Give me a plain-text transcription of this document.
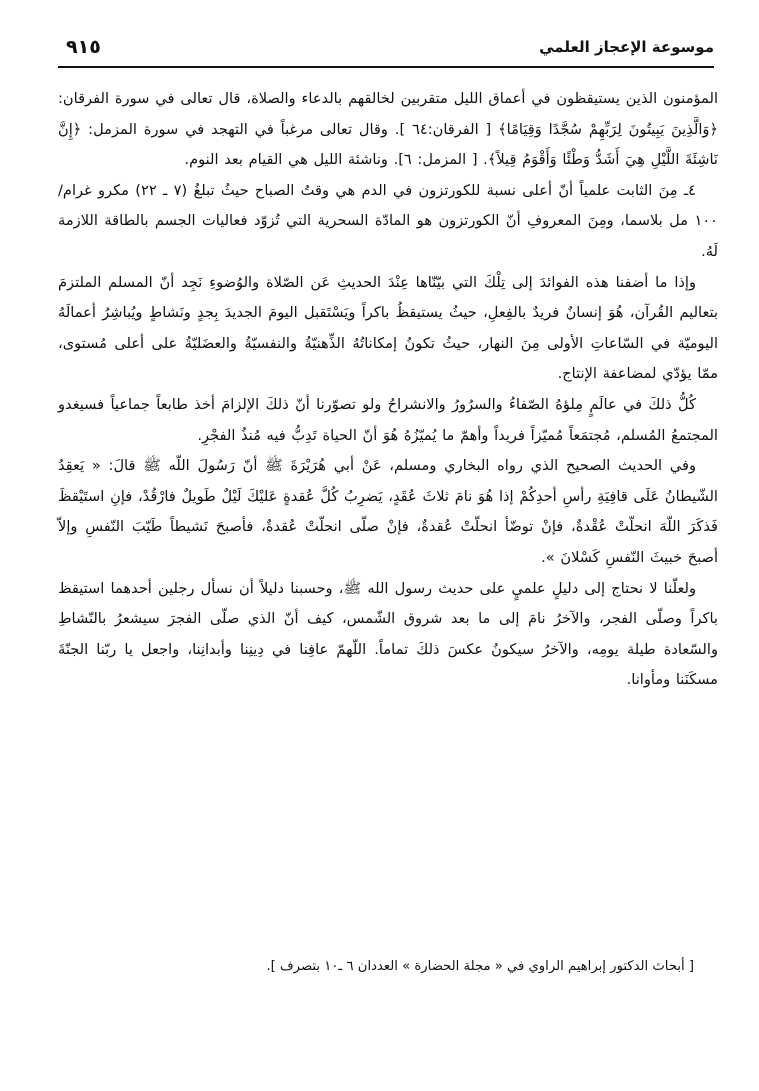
موسوعة الإعجاز العلمي
٩١٥

المؤمنون الذين يستيقظون في أعماق الليل متقربين لخالقهم بالدعاء والصلاة، قال تعالى في سورة الفرقان: ﴿وَالَّذِينَ يَبِيتُونَ لِرَبِّهِمْ سُجَّدًا وَقِيَامًا﴾ [ الفرقان:٦٤ ]. وقال تعالى مرغباً في التهجد في سورة المزمل: ﴿إِنَّ نَاشِئَةَ اللَّيْلِ هِيَ أَشَدُّ وَطْئًا وَأَقْوَمُ قِيلاً﴾. [ المزمل: ٦]. وناشئة الليل هي القيام بعد النوم.

٤ـ مِنَ الثابت علمياً أنّ أعلى نسبة للكورتزون في الدم هي وقتُ الصباح حيثُ تبلغُ (٧ ـ ٢٢) مكرو غرام/١٠٠ مل بلاسما، ومِنَ المعروفِ أنّ الكورتزون هو المادّة السحرية التي تُزوّد فعاليات الجسم بالطاقة اللازمة لَهُ.

وإذا ما أضفنا هذه الفوائدَ إلى تِلْكَ التي بيّنّاها عِنْدَ الحديثِ عَن الصّلاة والوُضوءِ نَجِد أنّ المسلم الملتزمَ بتعاليم القُرآن، هُوَ إنسانٌ فريدٌ بالفِعلِ، حيثُ يستيقظُ باكراً ويَسْتَقبل اليومَ الجديدَ بِجدٍ ونَشاطٍ ويُباشِرُ أعمالَهُ اليوميّة في السّاعاتِ الأولى مِنَ النهار، حيثُ تكونُ إمكاناتُهُ الذِّهنيّةُ والنفسيّةُ والعضَليّةُ على أعلى مُستوى، ممّا يؤدّي لمضاعفة الإنتاج.

كُلُّ ذلكَ في عالَمٍ مِلؤهُ الصّفاءُ والسرُورُ والانشراحُ ولو تصوّرنا أنّ ذلكَ الإلزامَ أخذ طابعاً جماعياً فسيغدو المجتمعُ المُسلم، مُجتمَعاً مُميّزاً فريداً وأهمّ ما يُميّزُهُ هُوَ أنّ الحياة تَدِبُّ فيه مُنذُ الفجْرِ.

وفي الحديث الصحيح الذي رواه البخاري ومسلم، عَنْ أبي هُرَيْرَةَ ﷺ أنّ رَسُولَ اللّه ﷺ قالَ: « يَعقِدُ الشّيطانُ عَلَى قافِيَةِ رأسِ أحدِكُمْ إذا هُوَ نامَ ثلاثَ عُقَدٍ، يَضرِبُ كُلَّ عُقدةٍ عَليْكَ لَيْلٌ طَويلٌ فارْقُدْ، فإنِ استَيْقظَ فَذكَرَ اللّهَ انحلّتْ عُقْدةٌ، فإنْ توضّأ انحلّتْ عُقدةٌ، فإنْ صلّى انحلّتْ عُقدةٌ، فأصبحَ نَشيطاً طَيّبَ النّفسِ وإلاّ أصبحَ خبيثَ النّفسِ كَسْلانَ ».

ولعلّنا لا نحتاج إلى دليلٍ علميٍ على حديث رسول الله ﷺ، وحسبنا دليلاً أن نسأل رجلين أحدهما استيقظ باكراً وصلّى الفجر، والآخرُ نامَ إلى ما بعد شروق الشّمس، كيف أنّ الذي صلّى الفجرَ سيشعرُ بالنّشاطِ والسّعادة طيلة يومِه، والآخرُ سيكونُ عكسَ ذلكَ تماماً. اللّهمّ عافِنا في دِينِنا وأبدانِنا، واجعل يا ربّنا الجنّةَ مسكَنَنا ومأوانا.

[ أبحاث الدكتور إبراهيم الراوي في « مجلة الحضارة » العددان ٦ ـ١٠ بتصرف ].
